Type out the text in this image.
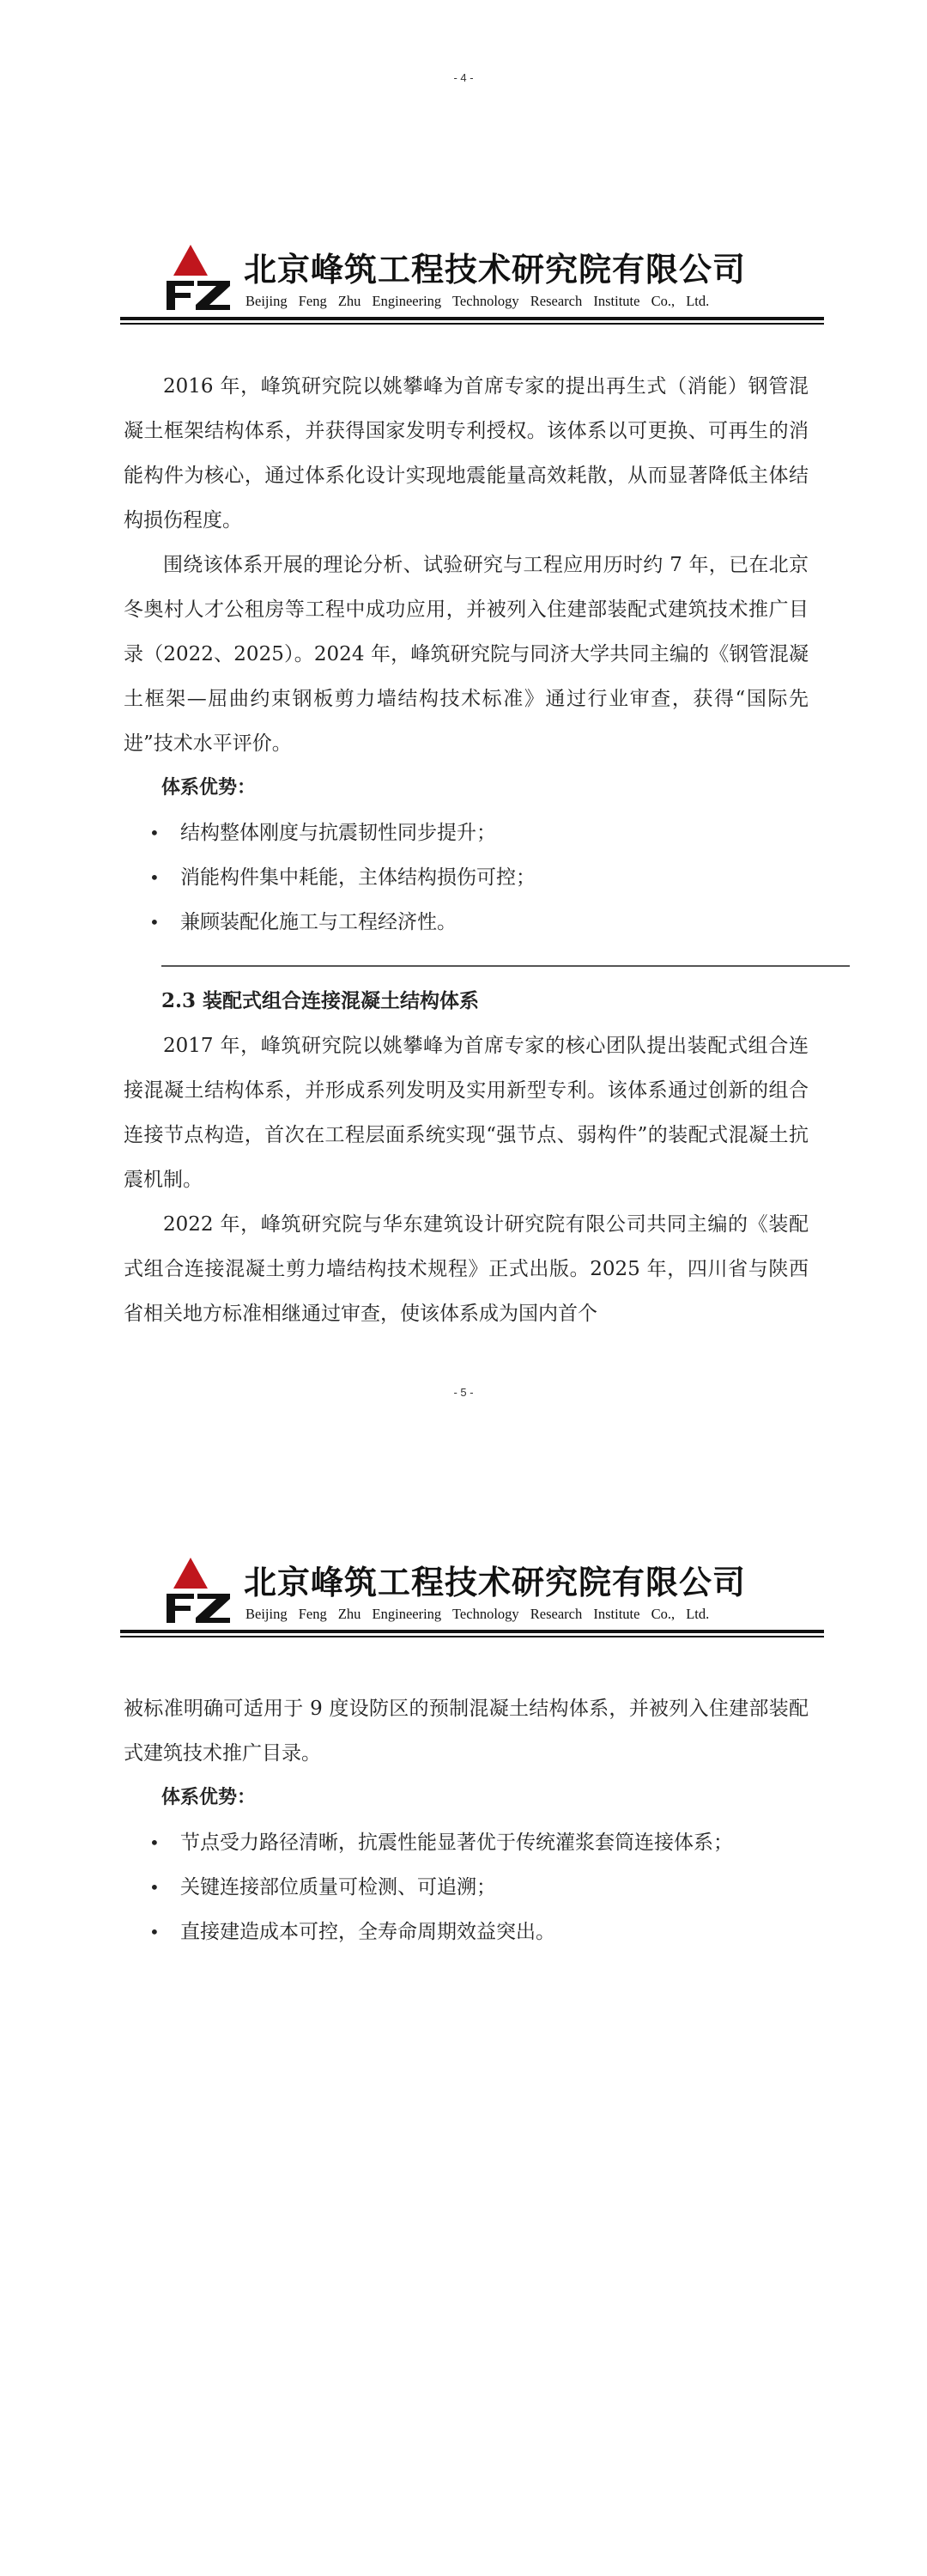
- 4 -
北京峰筑工程技术研究院有限公司
Beijing Feng Zhu Engineering Technology Research Institute Co., Ltd.

2016 年，峰筑研究院以姚攀峰为首席专家的提出再生式（消能）钢管混凝土框架结构体系，并获得国家发明专利授权。该体系以可更换、可再生的消能构件为核心，通过体系化设计实现地震能量高效耗散，从而显著降低主体结构损伤程度。

围绕该体系开展的理论分析、试验研究与工程应用历时约 7 年，已在北京冬奥村人才公租房等工程中成功应用，并被列入住建部装配式建筑技术推广目录（2022、2025）。2024 年，峰筑研究院与同济大学共同主编的《钢管混凝土框架—屈曲约束钢板剪力墙结构技术标准》通过行业审查，获得“国际先进”技术水平评价。

体系优势：

• 结构整体刚度与抗震韧性同步提升；
• 消能构件集中耗能，主体结构损伤可控；
• 兼顾装配化施工与工程经济性。

2.3 装配式组合连接混凝土结构体系

2017 年，峰筑研究院以姚攀峰为首席专家的核心团队提出装配式组合连接混凝土结构体系，并形成系列发明及实用新型专利。该体系通过创新的组合连接节点构造，首次在工程层面系统实现“强节点、弱构件”的装配式混凝土抗震机制。

2022 年，峰筑研究院与华东建筑设计研究院有限公司共同主编的《装配式组合连接混凝土剪力墙结构技术规程》正式出版。2025 年，四川省与陕西省相关地方标准相继通过审查，使该体系成为国内首个

- 5 -
北京峰筑工程技术研究院有限公司
Beijing Feng Zhu Engineering Technology Research Institute Co., Ltd.

被标准明确可适用于 9 度设防区的预制混凝土结构体系，并被列入住建部装配式建筑技术推广目录。

体系优势：

• 节点受力路径清晰，抗震性能显著优于传统灌浆套筒连接体系；
• 关键连接部位质量可检测、可追溯；
• 直接建造成本可控，全寿命周期效益突出。
